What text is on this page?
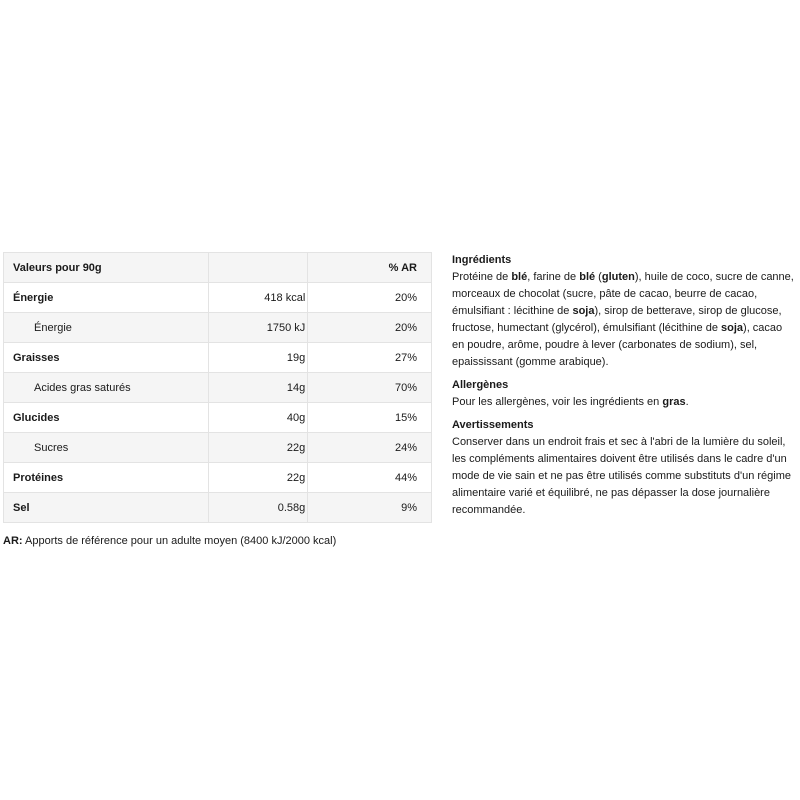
Valeurs pour 90g		% AR
Énergie	418 kcal	20%
Énergie	1750 kJ	20%
Graisses	19g	27%
Acides gras saturés	14g	70%
Glucides	40g	15%
Sucres	22g	24%
Protéines	22g	44%
Sel	0.58g	9%
AR: Apports de référence pour un adulte moyen (8400 kJ/2000 kcal)
Ingrédients

Protéine de blé, farine de blé (gluten), huile de coco, sucre de canne, morceaux de chocolat (sucre, pâte de cacao, beurre de cacao, émulsifiant : lécithine de soja), sirop de betterave, sirop de glucose, fructose, humectant (glycérol), émulsifiant (lécithine de soja), cacao en poudre, arôme, poudre à lever (carbonates de sodium), sel, epaississant (gomme arabique).

Allergènes

Pour les allergènes, voir les ingrédients en gras.

Avertissements

Conserver dans un endroit frais et sec à l'abri de la lumière du soleil, les compléments alimentaires doivent être utilisés dans le cadre d'un mode de vie sain et ne pas être utilisés comme substituts d'un régime alimentaire varié et équilibré, ne pas dépasser la dose journalière recommandée.
